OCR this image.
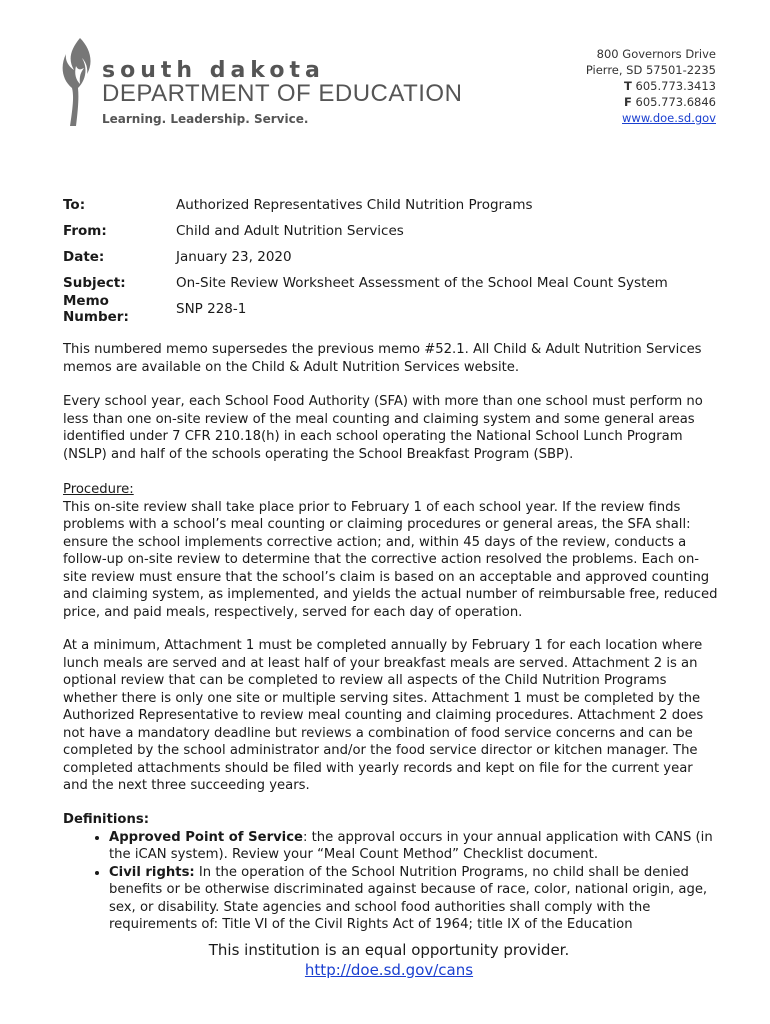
south dakota
DEPARTMENT OF EDUCATION
Learning. Leadership. Service.
800 Governors Drive
Pierre, SD 57501-2235
T 605.773.3413
F 605.773.6846
www.doe.sd.gov
To:	Authorized Representatives Child Nutrition Programs
From:	Child and Adult Nutrition Services
Date:	January 23, 2020
Subject:	On-Site Review Worksheet Assessment of the School Meal Count System
Memo Number:	SNP 228-1

This numbered memo supersedes the previous memo #52.1. All Child & Adult Nutrition Services memos are available on the Child & Adult Nutrition Services website.

Every school year, each School Food Authority (SFA) with more than one school must perform no less than one on-site review of the meal counting and claiming system and some general areas identified under 7 CFR 210.18(h) in each school operating the National School Lunch Program (NSLP) and half of the schools operating the School Breakfast Program (SBP).

Procedure:

This on-site review shall take place prior to February 1 of each school year. If the review finds problems with a school’s meal counting or claiming procedures or general areas, the SFA shall: ensure the school implements corrective action; and, within 45 days of the review, conducts a follow-up on-site review to determine that the corrective action resolved the problems. Each on-site review must ensure that the school’s claim is based on an acceptable and approved counting and claiming system, as implemented, and yields the actual number of reimbursable free, reduced price, and paid meals, respectively, served for each day of operation.

At a minimum, Attachment 1 must be completed annually by February 1 for each location where lunch meals are served and at least half of your breakfast meals are served. Attachment 2 is an optional review that can be completed to review all aspects of the Child Nutrition Programs whether there is only one site or multiple serving sites. Attachment 1 must be completed by the Authorized Representative to review meal counting and claiming procedures. Attachment 2 does not have a mandatory deadline but reviews a combination of food service concerns and can be completed by the school administrator and/or the food service director or kitchen manager. The completed attachments should be filed with yearly records and kept on file for the current year and the next three succeeding years.

Definitions:
• Approved Point of Service: the approval occurs in your annual application with CANS (in the iCAN system). Review your “Meal Count Method” Checklist document.
• Civil rights: In the operation of the School Nutrition Programs, no child shall be denied benefits or be otherwise discriminated against because of race, color, national origin, age, sex, or disability. State agencies and school food authorities shall comply with the requirements of: Title VI of the Civil Rights Act of 1964; title IX of the Education
This institution is an equal opportunity provider.
http://doe.sd.gov/cans
